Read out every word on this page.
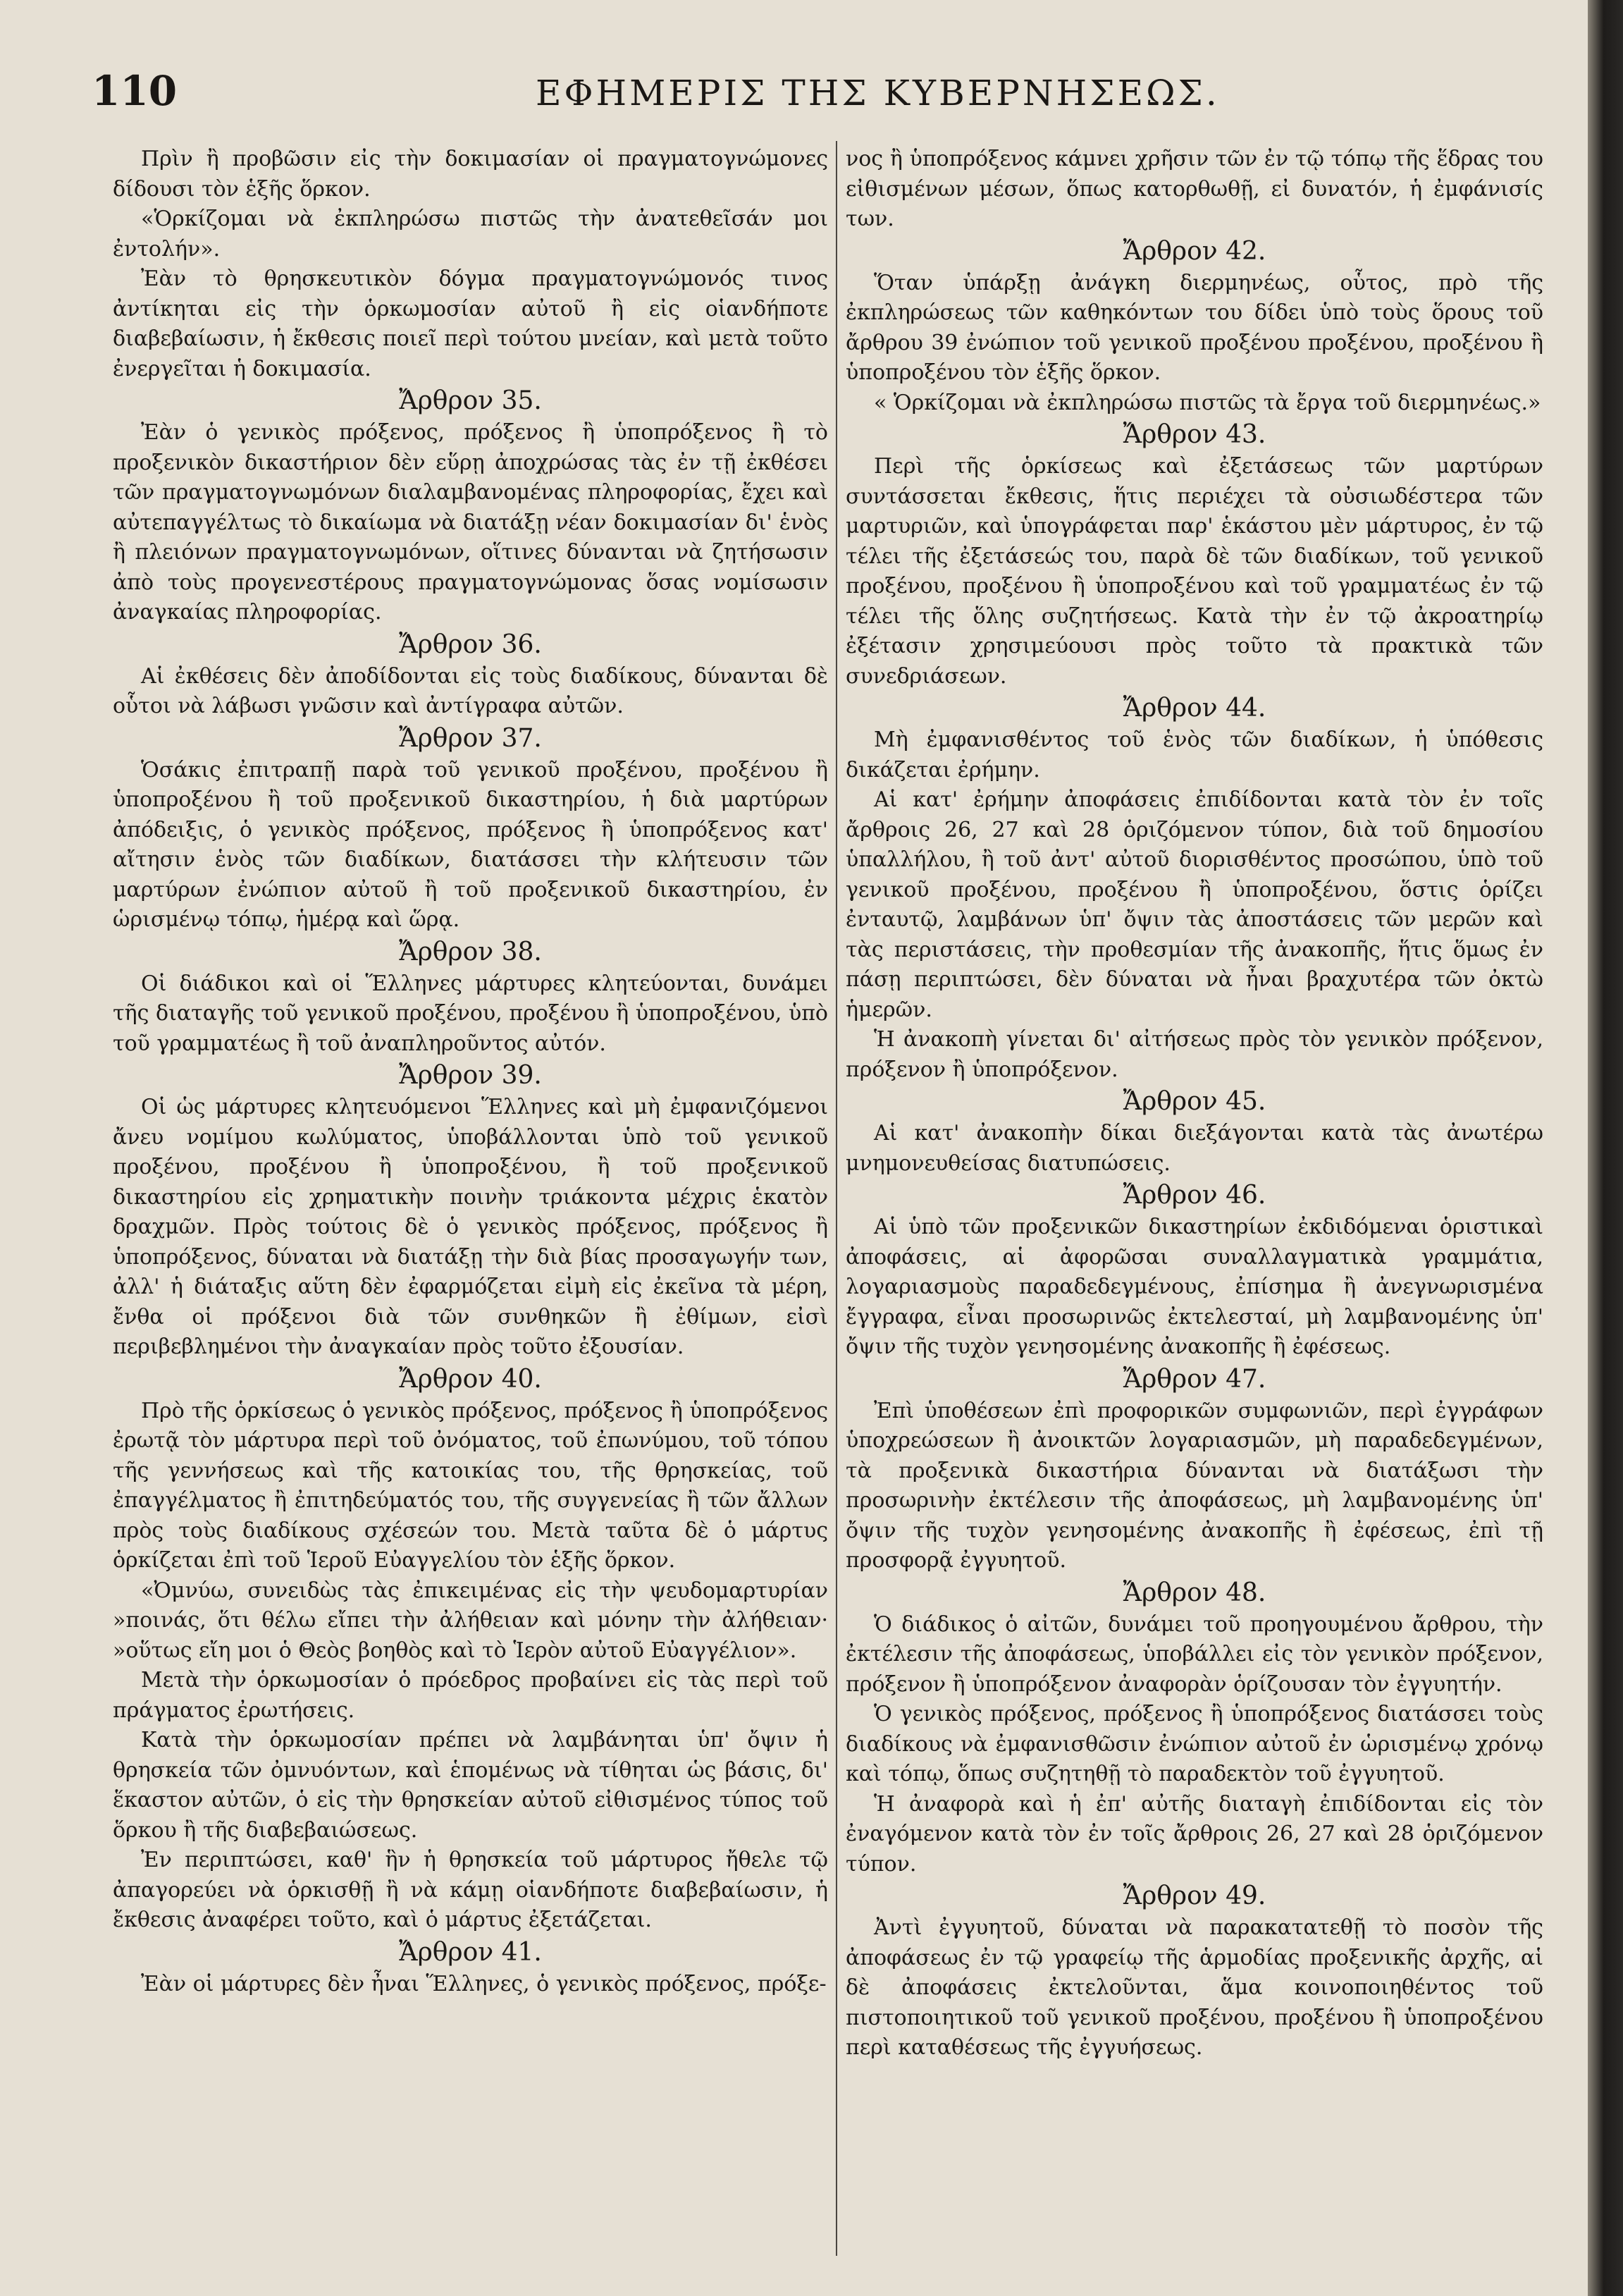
110	ΕΦΗΜΕΡΙΣ ΤΗΣ ΚΥΒΕΡΝΗΣΕΩΣ.

Πρὶν ἢ προβῶσιν εἰς τὴν δοκιμασίαν οἱ πραγματογνώμονες δίδουσι τὸν ἑξῆς ὅρκον.

«Ὁρκίζομαι νὰ ἐκπληρώσω πιστῶς τὴν ἀνατεθεῖσάν μοι ἐντολήν».

Ἐὰν τὸ θρησκευτικὸν δόγμα πραγματογνώμονός τινος ἀντίκηται εἰς τὴν ὁρκωμοσίαν αὐτοῦ ἢ εἰς οἱανδήποτε διαβεβαίωσιν, ἡ ἔκθεσις ποιεῖ περὶ τούτου μνείαν, καὶ μετὰ τοῦτο ἐνεργεῖται ἡ δοκιμασία.

Ἄρθρον 35.

Ἐὰν ὁ γενικὸς πρόξενος, πρόξενος ἢ ὑποπρόξενος ἢ τὸ προξενικὸν δικαστήριον δὲν εὕρῃ ἀποχρώσας τὰς ἐν τῇ ἐκθέσει τῶν πραγματογνωμόνων διαλαμβανομένας πληροφορίας, ἔχει καὶ αὐτεπαγγέλτως τὸ δικαίωμα νὰ διατάξῃ νέαν δοκιμασίαν δι' ἑνὸς ἢ πλειόνων πραγματογνωμόνων, οἵτινες δύνανται νὰ ζητήσωσιν ἀπὸ τοὺς προγενεστέρους πραγματογνώμονας ὅσας νομίσωσιν ἀναγκαίας πληροφορίας.

Ἄρθρον 36.

Αἱ ἐκθέσεις δὲν ἀποδίδονται εἰς τοὺς διαδίκους, δύνανται δὲ οὗτοι νὰ λάβωσι γνῶσιν καὶ ἀντίγραφα αὐτῶν.

Ἄρθρον 37.

Ὁσάκις ἐπιτραπῇ παρὰ τοῦ γενικοῦ προξένου, προξένου ἢ ὑποπροξένου ἢ τοῦ προξενικοῦ δικαστηρίου, ἡ διὰ μαρτύρων ἀπόδειξις, ὁ γενικὸς πρόξενος, πρόξενος ἢ ὑποπρόξενος κατ' αἴτησιν ἑνὸς τῶν διαδίκων, διατάσσει τὴν κλήτευσιν τῶν μαρτύρων ἐνώπιον αὐτοῦ ἢ τοῦ προξενικοῦ δικαστηρίου, ἐν ὡρισμένῳ τόπῳ, ἡμέρᾳ καὶ ὥρᾳ.

Ἄρθρον 38.

Οἱ διάδικοι καὶ οἱ Ἕλληνες μάρτυρες κλητεύονται, δυνάμει τῆς διαταγῆς τοῦ γενικοῦ προξένου, προξένου ἢ ὑποπροξένου, ὑπὸ τοῦ γραμματέως ἢ τοῦ ἀναπληροῦντος αὐτόν.

Ἄρθρον 39.

Οἱ ὡς μάρτυρες κλητευόμενοι Ἕλληνες καὶ μὴ ἐμφανιζόμενοι ἄνευ νομίμου κωλύματος, ὑποβάλλονται ὑπὸ τοῦ γενικοῦ προξένου, προξένου ἢ ὑποπροξένου, ἢ τοῦ προξενικοῦ δικαστηρίου εἰς χρηματικὴν ποινὴν τριάκοντα μέχρις ἑκατὸν δραχμῶν. Πρὸς τούτοις δὲ ὁ γενικὸς πρόξενος, πρόξενος ἢ ὑποπρόξενος, δύναται νὰ διατάξῃ τὴν διὰ βίας προσαγωγήν των, ἀλλ' ἡ διάταξις αὕτη δὲν ἐφαρμόζεται εἰμὴ εἰς ἐκεῖνα τὰ μέρη, ἔνθα οἱ πρόξενοι διὰ τῶν συνθηκῶν ἢ ἐθίμων, εἰσὶ περιβεβλημένοι τὴν ἀναγκαίαν πρὸς τοῦτο ἐξουσίαν.

Ἄρθρον 40.

Πρὸ τῆς ὁρκίσεως ὁ γενικὸς πρόξενος, πρόξενος ἢ ὑποπρόξενος ἐρωτᾷ τὸν μάρτυρα περὶ τοῦ ὀνόματος, τοῦ ἐπωνύμου, τοῦ τόπου τῆς γεννήσεως καὶ τῆς κατοικίας του, τῆς θρησκείας, τοῦ ἐπαγγέλματος ἢ ἐπιτηδεύματός του, τῆς συγγενείας ἢ τῶν ἄλλων πρὸς τοὺς διαδίκους σχέσεών του. Μετὰ ταῦτα δὲ ὁ μάρτυς ὁρκίζεται ἐπὶ τοῦ Ἱεροῦ Εὐαγγελίου τὸν ἑξῆς ὅρκον.

«Ὀμνύω, συνειδὼς τὰς ἐπικειμένας εἰς τὴν ψευδομαρτυρίαν »ποινάς, ὅτι θέλω εἴπει τὴν ἀλήθειαν καὶ μόνην τὴν ἀλήθειαν· »οὕτως εἴη μοι ὁ Θεὸς βοηθὸς καὶ τὸ Ἱερὸν αὐτοῦ Εὐαγγέλιον».

Μετὰ τὴν ὁρκωμοσίαν ὁ πρόεδρος προβαίνει εἰς τὰς περὶ τοῦ πράγματος ἐρωτήσεις.

Κατὰ τὴν ὁρκωμοσίαν πρέπει νὰ λαμβάνηται ὑπ' ὄψιν ἡ θρησκεία τῶν ὀμνυόντων, καὶ ἑπομένως νὰ τίθηται ὡς βάσις, δι' ἕκαστον αὐτῶν, ὁ εἰς τὴν θρησκείαν αὐτοῦ εἰθισμένος τύπος τοῦ ὅρκου ἢ τῆς διαβεβαιώσεως.

Ἐν περιπτώσει, καθ' ἣν ἡ θρησκεία τοῦ μάρτυρος ἤθελε τῷ ἀπαγορεύει νὰ ὁρκισθῇ ἢ νὰ κάμῃ οἱανδήποτε διαβεβαίωσιν, ἡ ἔκθεσις ἀναφέρει τοῦτο, καὶ ὁ μάρτυς ἐξετάζεται.

Ἄρθρον 41.

Ἐὰν οἱ μάρτυρες δὲν ἦναι Ἕλληνες, ὁ γενικὸς πρόξενος, πρόξε-

νος ἢ ὑποπρόξενος κάμνει χρῆσιν τῶν ἐν τῷ τόπῳ τῆς ἕδρας του εἰθισμένων μέσων, ὅπως κατορθωθῇ, εἰ δυνατόν, ἡ ἐμφάνισίς των.

Ἄρθρον 42.

Ὅταν ὑπάρξῃ ἀνάγκη διερμηνέως, οὗτος, πρὸ τῆς ἐκπληρώσεως τῶν καθηκόντων του δίδει ὑπὸ τοὺς ὅρους τοῦ ἄρθρου 39 ἐνώπιον τοῦ γενικοῦ προξένου προξένου, προξένου ἢ ὑποπροξένου τὸν ἑξῆς ὅρκον.

« Ὁρκίζομαι νὰ ἐκπληρώσω πιστῶς τὰ ἔργα τοῦ διερμηνέως.»

Ἄρθρον 43.

Περὶ τῆς ὁρκίσεως καὶ ἐξετάσεως τῶν μαρτύρων συντάσσεται ἔκθεσις, ἥτις περιέχει τὰ οὐσιωδέστερα τῶν μαρτυριῶν, καὶ ὑπογράφεται παρ' ἑκάστου μὲν μάρτυρος, ἐν τῷ τέλει τῆς ἐξετάσεώς του, παρὰ δὲ τῶν διαδίκων, τοῦ γενικοῦ προξένου, προξένου ἢ ὑποπροξένου καὶ τοῦ γραμματέως ἐν τῷ τέλει τῆς ὅλης συζητήσεως. Κατὰ τὴν ἐν τῷ ἀκροατηρίῳ ἐξέτασιν χρησιμεύουσι πρὸς τοῦτο τὰ πρακτικὰ τῶν συνεδριάσεων.

Ἄρθρον 44.

Μὴ ἐμφανισθέντος τοῦ ἑνὸς τῶν διαδίκων, ἡ ὑπόθεσις δικάζεται ἐρήμην.

Αἱ κατ' ἐρήμην ἀποφάσεις ἐπιδίδονται κατὰ τὸν ἐν τοῖς ἄρθροις 26, 27 καὶ 28 ὁριζόμενον τύπον, διὰ τοῦ δημοσίου ὑπαλλήλου, ἢ τοῦ ἀντ' αὐτοῦ διορισθέντος προσώπου, ὑπὸ τοῦ γενικοῦ προξένου, προξένου ἢ ὑποπροξένου, ὅστις ὁρίζει ἐνταυτῷ, λαμβάνων ὑπ' ὄψιν τὰς ἀποστάσεις τῶν μερῶν καὶ τὰς περιστάσεις, τὴν προθεσμίαν τῆς ἀνακοπῆς, ἥτις ὅμως ἐν πάσῃ περιπτώσει, δὲν δύναται νὰ ἦναι βραχυτέρα τῶν ὀκτὼ ἡμερῶν.

Ἡ ἀνακοπὴ γίνεται δι' αἰτήσεως πρὸς τὸν γενικὸν πρόξενον, πρόξενον ἢ ὑποπρόξενον.

Ἄρθρον 45.

Αἱ κατ' ἀνακοπὴν δίκαι διεξάγονται κατὰ τὰς ἀνωτέρω μνημονευθείσας διατυπώσεις.

Ἄρθρον 46.

Αἱ ὑπὸ τῶν προξενικῶν δικαστηρίων ἐκδιδόμεναι ὁριστικαὶ ἀποφάσεις, αἱ ἀφορῶσαι συναλλαγματικὰ γραμμάτια, λογαριασμοὺς παραδεδεγμένους, ἐπίσημα ἢ ἀνεγνωρισμένα ἔγγραφα, εἶναι προσωρινῶς ἐκτελεσταί, μὴ λαμβανομένης ὑπ' ὄψιν τῆς τυχὸν γενησομένης ἀνακοπῆς ἢ ἐφέσεως.

Ἄρθρον 47.

Ἐπὶ ὑποθέσεων ἐπὶ προφορικῶν συμφωνιῶν, περὶ ἐγγράφων ὑποχρεώσεων ἢ ἀνοικτῶν λογαριασμῶν, μὴ παραδεδεγμένων, τὰ προξενικὰ δικαστήρια δύνανται νὰ διατάξωσι τὴν προσωρινὴν ἐκτέλεσιν τῆς ἀποφάσεως, μὴ λαμβανομένης ὑπ' ὄψιν τῆς τυχὸν γενησομένης ἀνακοπῆς ἢ ἐφέσεως, ἐπὶ τῇ προσφορᾷ ἐγγυητοῦ.

Ἄρθρον 48.

Ὁ διάδικος ὁ αἰτῶν, δυνάμει τοῦ προηγουμένου ἄρθρου, τὴν ἐκτέλεσιν τῆς ἀποφάσεως, ὑποβάλλει εἰς τὸν γενικὸν πρόξενον, πρόξενον ἢ ὑποπρόξενον ἀναφορὰν ὁρίζουσαν τὸν ἐγγυητήν.

Ὁ γενικὸς πρόξενος, πρόξενος ἢ ὑποπρόξενος διατάσσει τοὺς διαδίκους νὰ ἐμφανισθῶσιν ἐνώπιον αὐτοῦ ἐν ὡρισμένῳ χρόνῳ καὶ τόπῳ, ὅπως συζητηθῇ τὸ παραδεκτὸν τοῦ ἐγγυητοῦ.

Ἡ ἀναφορὰ καὶ ἡ ἐπ' αὐτῆς διαταγὴ ἐπιδίδονται εἰς τὸν ἐναγόμενον κατὰ τὸν ἐν τοῖς ἄρθροις 26, 27 καὶ 28 ὁριζόμενον τύπον.

Ἄρθρον 49.

Ἀντὶ ἐγγυητοῦ, δύναται νὰ παρακατατεθῇ τὸ ποσὸν τῆς ἀποφάσεως ἐν τῷ γραφείῳ τῆς ἁρμοδίας προξενικῆς ἀρχῆς, αἱ δὲ ἀποφάσεις ἐκτελοῦνται, ἅμα κοινοποιηθέντος τοῦ πιστοποιητικοῦ τοῦ γενικοῦ προξένου, προξένου ἢ ὑποπροξένου περὶ καταθέσεως τῆς ἐγγυήσεως.
